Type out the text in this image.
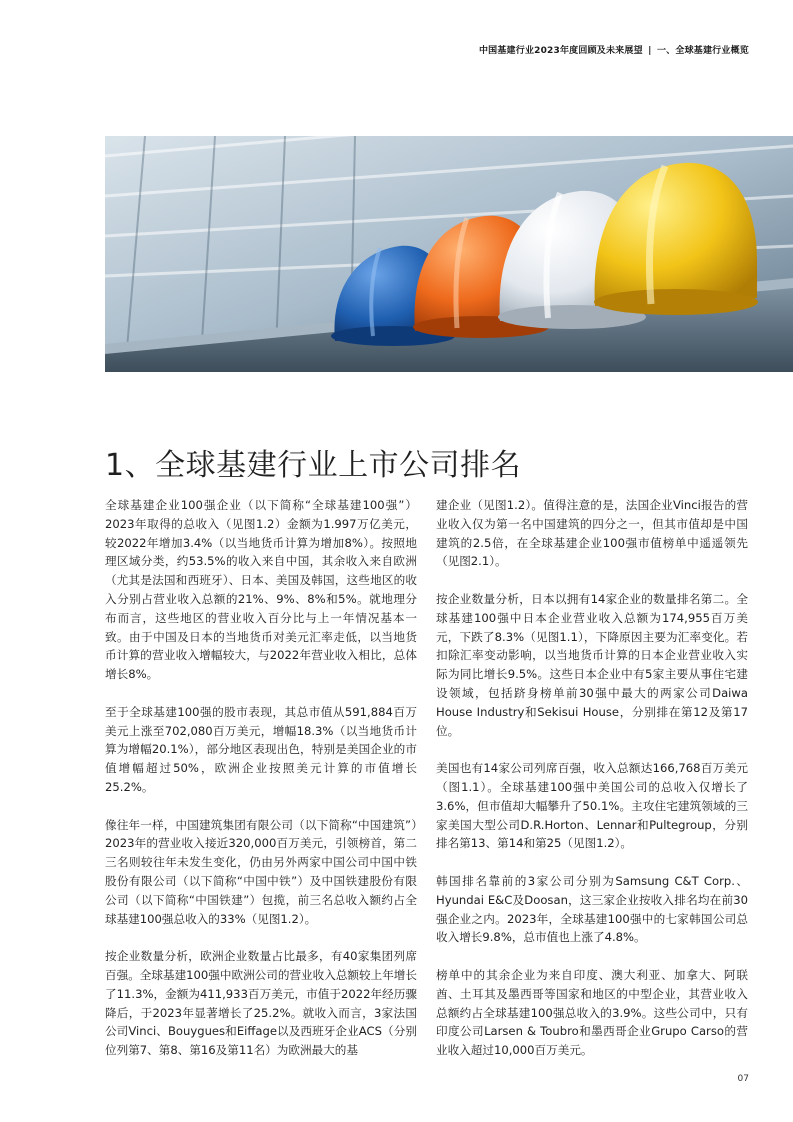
中国基建行业2023年度回顾及未来展望 | 一、全球基建行业概览
1、全球基建行业上市公司排名

全球基建企业100强企业（以下简称“全球基建100强”）2023年取得的总收入（见图1.2）金额为1.997万亿美元，较2022年增加3.4%（以当地货币计算为增加8%）。按照地理区域分类，约53.5%的收入来自中国，其余收入来自欧洲（尤其是法国和西班牙）、日本、美国及韩国，这些地区的收入分别占营业收入总额的21%、9%、8%和5%。就地理分布而言，这些地区的营业收入百分比与上一年情况基本一致。由于中国及日本的当地货币对美元汇率走低，以当地货币计算的营业收入增幅较大，与2022年营业收入相比，总体增长8%。

至于全球基建100强的股市表现，其总市值从591,884百万美元上涨至702,080百万美元，增幅18.3%（以当地货币计算为增幅20.1%），部分地区表现出色，特别是美国企业的市值增幅超过50%，欧洲企业按照美元计算的市值增长25.2%。

像往年一样，中国建筑集团有限公司（以下简称“中国建筑”）2023年的营业收入接近320,000百万美元，引领榜首，第二三名则较往年未发生变化，仍由另外两家中国公司中国中铁股份有限公司（以下简称“中国中铁”）及中国铁建股份有限公司（以下简称“中国铁建”）包揽，前三名总收入额约占全球基建100强总收入的33%（见图1.2）。

按企业数量分析，欧洲企业数量占比最多，有40家集团列席百强。全球基建100强中欧洲公司的营业收入总额较上年增长了11.3%，金额为411,933百万美元，市值于2022年经历骤降后，于2023年显著增长了25.2%。就收入而言，3家法国公司Vinci、Bouygues和Eiffage以及西班牙企业ACS（分别位列第7、第8、第16及第11名）为欧洲最大的基

建企业（见图1.2）。值得注意的是，法国企业Vinci报告的营业收入仅为第一名中国建筑的四分之一，但其市值却是中国建筑的2.5倍，在全球基建企业100强市值榜单中遥遥领先（见图2.1）。

按企业数量分析，日本以拥有14家企业的数量排名第二。全球基建100强中日本企业营业收入总额为174,955百万美元，下跌了8.3%（见图1.1），下降原因主要为汇率变化。若扣除汇率变动影响，以当地货币计算的日本企业营业收入实际为同比增长9.5%。这些日本企业中有5家主要从事住宅建设领域，包括跻身榜单前30强中最大的两家公司Daiwa House Industry和Sekisui House，分别排在第12及第17位。

美国也有14家公司列席百强，收入总额达166,768百万美元（图1.1）。全球基建100强中美国公司的总收入仅增长了3.6%，但市值却大幅攀升了50.1%。主攻住宅建筑领域的三家美国大型公司D.R.Horton、Lennar和Pultegroup，分别排名第13、第14和第25（见图1.2）。

韩国排名靠前的3家公司分别为Samsung C&T Corp.、Hyundai E&C及Doosan，这三家企业按收入排名均在前30强企业之内。2023年，全球基建100强中的七家韩国公司总收入增长9.8%，总市值也上涨了4.8%。

榜单中的其余企业为来自印度、澳大利亚、加拿大、阿联酋、土耳其及墨西哥等国家和地区的中型企业，其营业收入总额约占全球基建100强总收入的3.9%。这些公司中，只有印度公司Larsen & Toubro和墨西哥企业Grupo Carso的营业收入超过10,000百万美元。

07
